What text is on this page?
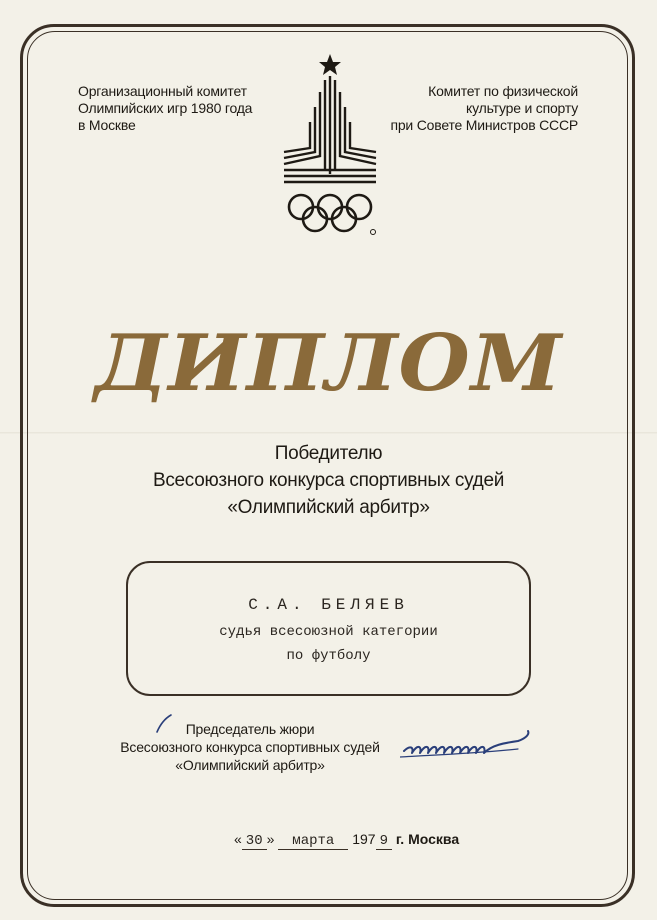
Организационный комитет
Олимпийских игр 1980 года
в Москве
Комитет по физической
культуре и спорту
при Совете Министров СССР
ДИПЛОМ
Победителю
Всесоюзного конкурса спортивных судей
«Олимпийский арбитр»
С.А. БЕЛЯЕВ
судья всесоюзной категории
по футболу
Председатель жюри
Всесоюзного конкурса спортивных судей
«Олимпийский арбитр»
« 30 » марта 197 9 г. Москва
